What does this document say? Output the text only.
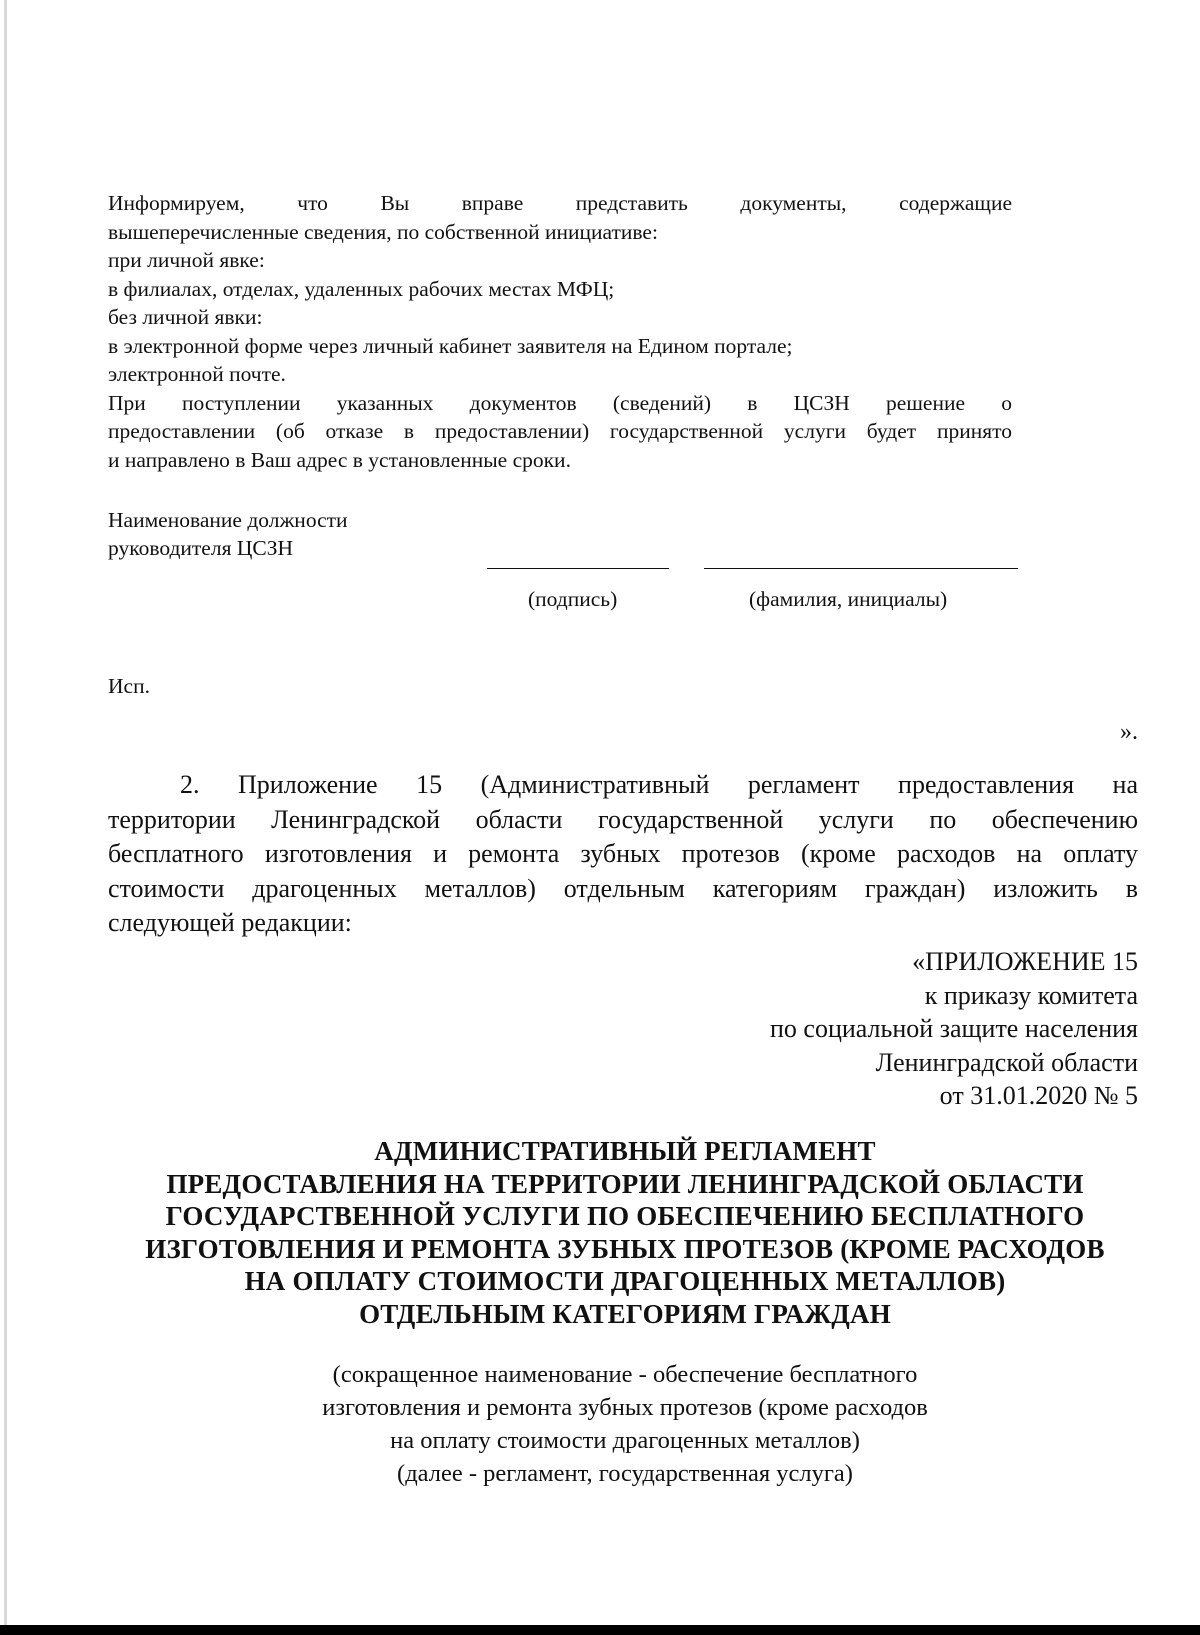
Информируем, что Вы вправе представить документы, содержащие
вышеперечисленные сведения, по собственной инициативе:
при личной явке:
в филиалах, отделах, удаленных рабочих местах МФЦ;
без личной явки:
в электронной форме через личный кабинет заявителя на Едином портале;
электронной почте.
При поступлении указанных документов (сведений) в ЦСЗН решение о
предоставлении (об отказе в предоставлении) государственной услуги будет принято
и направлено в Ваш адрес в установленные сроки.
Наименование должности
руководителя ЦСЗН
(подпись)	(фамилия, инициалы)
Исп.
».
2. Приложение 15 (Административный регламент предоставления на
территории Ленинградской области государственной услуги по обеспечению
бесплатного изготовления и ремонта зубных протезов (кроме расходов на оплату
стоимости драгоценных металлов) отдельным категориям граждан) изложить в
следующей редакции:
«ПРИЛОЖЕНИЕ 15
к приказу комитета
по социальной защите населения
Ленинградской области
от 31.01.2020 № 5
АДМИНИСТРАТИВНЫЙ РЕГЛАМЕНТ
ПРЕДОСТАВЛЕНИЯ НА ТЕРРИТОРИИ ЛЕНИНГРАДСКОЙ ОБЛАСТИ
ГОСУДАРСТВЕННОЙ УСЛУГИ ПО ОБЕСПЕЧЕНИЮ БЕСПЛАТНОГО
ИЗГОТОВЛЕНИЯ И РЕМОНТА ЗУБНЫХ ПРОТЕЗОВ (КРОМЕ РАСХОДОВ
НА ОПЛАТУ СТОИМОСТИ ДРАГОЦЕННЫХ МЕТАЛЛОВ)
ОТДЕЛЬНЫМ КАТЕГОРИЯМ ГРАЖДАН
(сокращенное наименование - обеспечение бесплатного
изготовления и ремонта зубных протезов (кроме расходов
на оплату стоимости драгоценных металлов)
(далее - регламент, государственная услуга)
